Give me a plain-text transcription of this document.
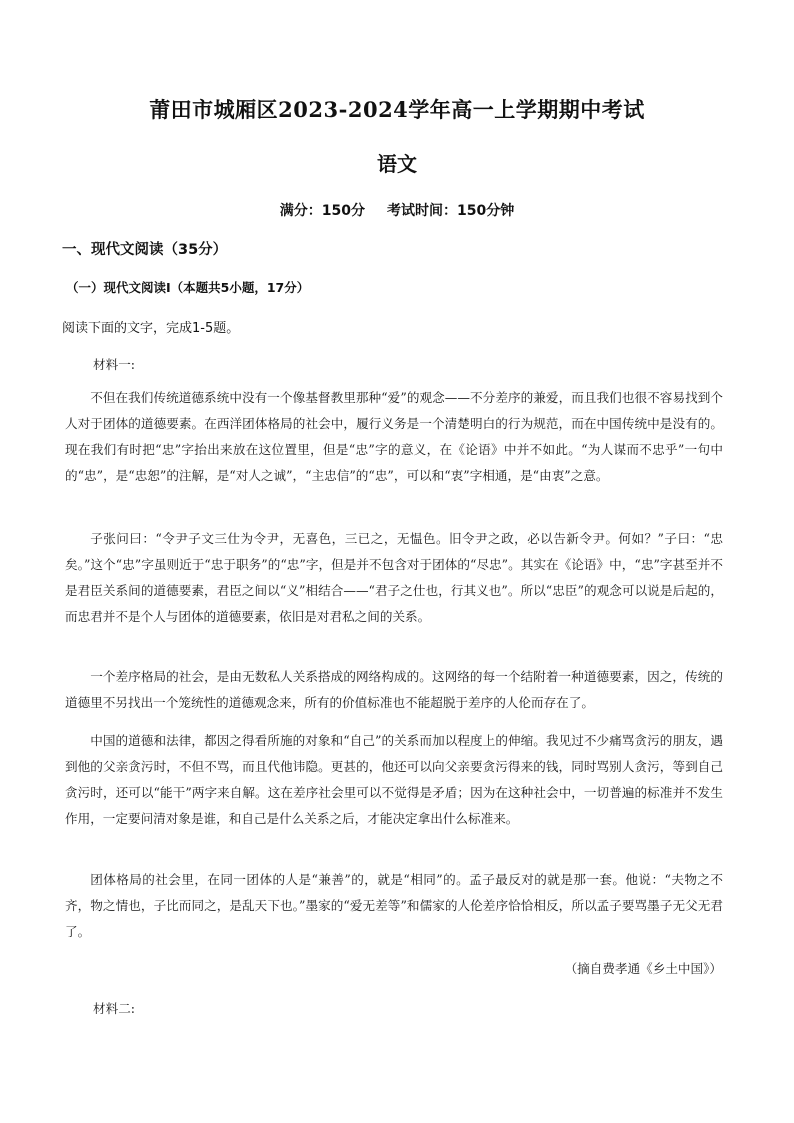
莆田市城厢区2023-2024学年高一上学期期中考试
语文
满分：150分 考试时间：150分钟
一、现代文阅读（35分）
（一）现代文阅读Ⅰ（本题共5小题，17分）
阅读下面的文字，完成1-5题。
材料一:
不但在我们传统道德系统中没有一个像基督教里那种“爱”的观念——不分差序的兼爱，而且我们也很不容易找到个人对于团体的道德要素。在西洋团体格局的社会中，履行义务是一个清楚明白的行为规范，而在中国传统中是没有的。现在我们有时把“忠”字抬出来放在这位置里，但是“忠”字的意义，在《论语》中并不如此。“为人谋而不忠乎”一句中的“忠”，是“忠恕”的注解，是“对人之诚”，“主忠信”的“忠”，可以和“衷”字相通，是“由衷”之意。
子张问曰：“令尹子文三仕为令尹，无喜色，三已之，无愠色。旧令尹之政，必以告新令尹。何如？”子曰：“忠矣。”这个“忠”字虽则近于“忠于职务”的“忠”字，但是并不包含对于团体的“尽忠”。其实在《论语》中，“忠”字甚至并不是君臣关系间的道德要素，君臣之间以“义”相结合——“君子之仕也，行其义也”。所以“忠臣”的观念可以说是后起的，而忠君并不是个人与团体的道德要素，依旧是对君私之间的关系。
一个差序格局的社会，是由无数私人关系搭成的网络构成的。这网络的每一个结附着一种道德要素，因之，传统的道德里不另找出一个笼统性的道德观念来，所有的价值标准也不能超脱于差序的人伦而存在了。
中国的道德和法律，都因之得看所施的对象和“自己”的关系而加以程度上的伸缩。我见过不少痛骂贪污的朋友，遇到他的父亲贪污时，不但不骂，而且代他讳隐。更甚的，他还可以向父亲要贪污得来的钱，同时骂别人贪污，等到自己贪污时，还可以“能干”两字来自解。这在差序社会里可以不觉得是矛盾；因为在这种社会中，一切普遍的标准并不发生作用，一定要问清对象是谁，和自己是什么关系之后，才能决定拿出什么标准来。
团体格局的社会里，在同一团体的人是“兼善”的，就是“相同”的。孟子最反对的就是那一套。他说：“夫物之不齐，物之情也，子比而同之，是乱天下也。”墨家的“爱无差等”和儒家的人伦差序恰恰相反，所以孟子要骂墨子无父无君了。
（摘自费孝通《乡土中国》）
材料二:
